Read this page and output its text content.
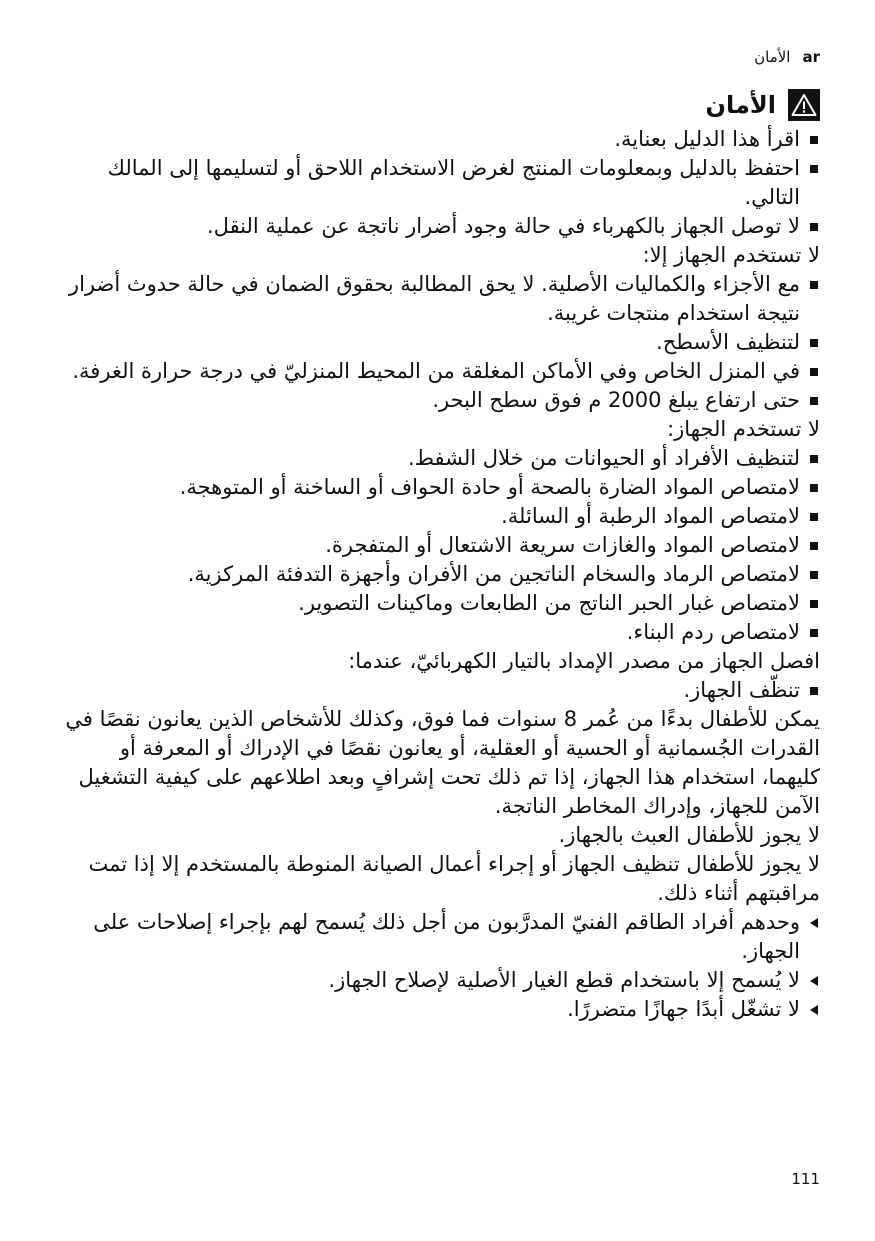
الأمان ar
الأمان
اقرأ هذا الدليل بعناية.
احتفظ بالدليل وبمعلومات المنتج لغرض الاستخدام اللاحق أو لتسليمها إلى المالك التالي.
لا توصل الجهاز بالكهرباء في حالة وجود أضرار ناتجة عن عملية النقل.

لا تستخدم الجهاز إلا:

مع الأجزاء والكماليات الأصلية. لا يحق المطالبة بحقوق الضمان في حالة حدوث أضرار نتيجة استخدام منتجات غريبة.
لتنظيف الأسطح.
في المنزل الخاص وفي الأماكن المغلقة من المحيط المنزليّ في درجة حرارة الغرفة.
حتى ارتفاع يبلغ 2000 م فوق سطح البحر.

لا تستخدم الجهاز:

لتنظيف الأفراد أو الحيوانات من خلال الشفط.
لامتصاص المواد الضارة بالصحة أو حادة الحواف أو الساخنة أو المتوهجة.
لامتصاص المواد الرطبة أو السائلة.
لامتصاص المواد والغازات سريعة الاشتعال أو المتفجرة.
لامتصاص الرماد والسخام الناتجين من الأفران وأجهزة التدفئة المركزية.
لامتصاص غبار الحبر الناتج من الطابعات وماكينات التصوير.
لامتصاص ردم البناء.

افصل الجهاز من مصدر الإمداد بالتيار الكهربائيّ، عندما:

تنظّف الجهاز.

يمكن للأطفال بدءًا من عُمر 8 سنوات فما فوق، وكذلك للأشخاص الذين يعانون نقصًا في القدرات الجُسمانية أو الحسية أو العقلية، أو يعانون نقصًا في الإدراك أو المعرفة أو كليهما، استخدام هذا الجهاز، إذا تم ذلك تحت إشرافٍ وبعد اطلاعهم على كيفية التشغيل الآمن للجهاز، وإدراك المخاطر الناتجة.

لا يجوز للأطفال العبث بالجهاز.

لا يجوز للأطفال تنظيف الجهاز أو إجراء أعمال الصيانة المنوطة بالمستخدم إلا إذا تمت مراقبتهم أثناء ذلك.

وحدهم أفراد الطاقم الفنيّ المدرَّبون من أجل ذلك يُسمح لهم بإجراء إصلاحات على الجهاز.
لا يُسمح إلا باستخدام قطع الغيار الأصلية لإصلاح الجهاز.
لا تشغّل أبدًا جهازًا متضررًا.
111
